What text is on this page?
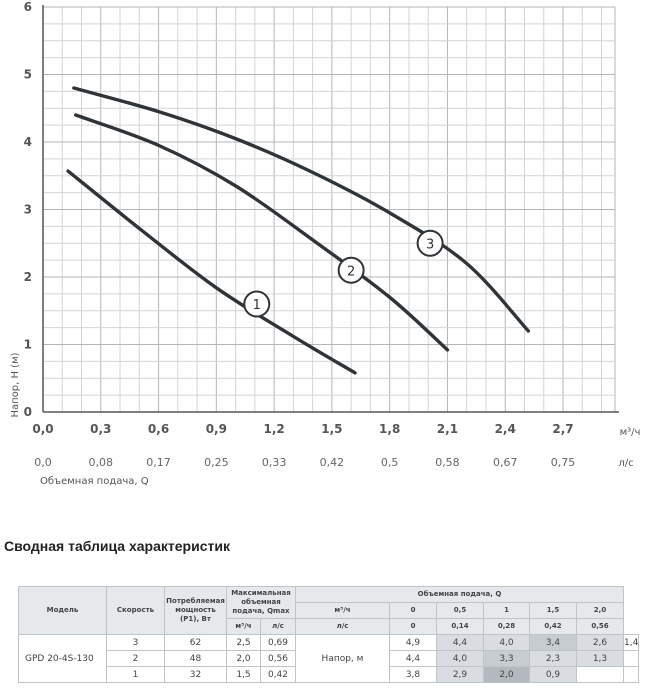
1
2
3
0
1
2
3
4
5
6
0,0	0,3	0,6	0,9	1,2	1,5	1,8	2,1	2,4	2,7
0,0	0,08	0,17	0,25	0,33	0,42	0,5	0,58	0,67	0,75
м³/ч
л/с
Объемная подача, Q
Напор, H (м)
Сводная таблица характеристик
Модель	Скорость	Потребляемая мощность (P1), Вт	Максимальная объемная подача, Qmax		Объемная подача, Q						
					м³/ч	0	0,5	1	1,5	2,0	
			м³/ч	л/с	л/с	0	0,14	0,28	0,42	0,56	
GPD 20-4S-130	3	62	2,5	0,69	Напор, м	4,9	4,4	4,0	3,4	2,6	1,4
	2	48	2,0	0,56		4,4	4,0	3,3	2,3	1,3	
	1	32	1,5	0,42		3,8	2,9	2,0	0,9		
